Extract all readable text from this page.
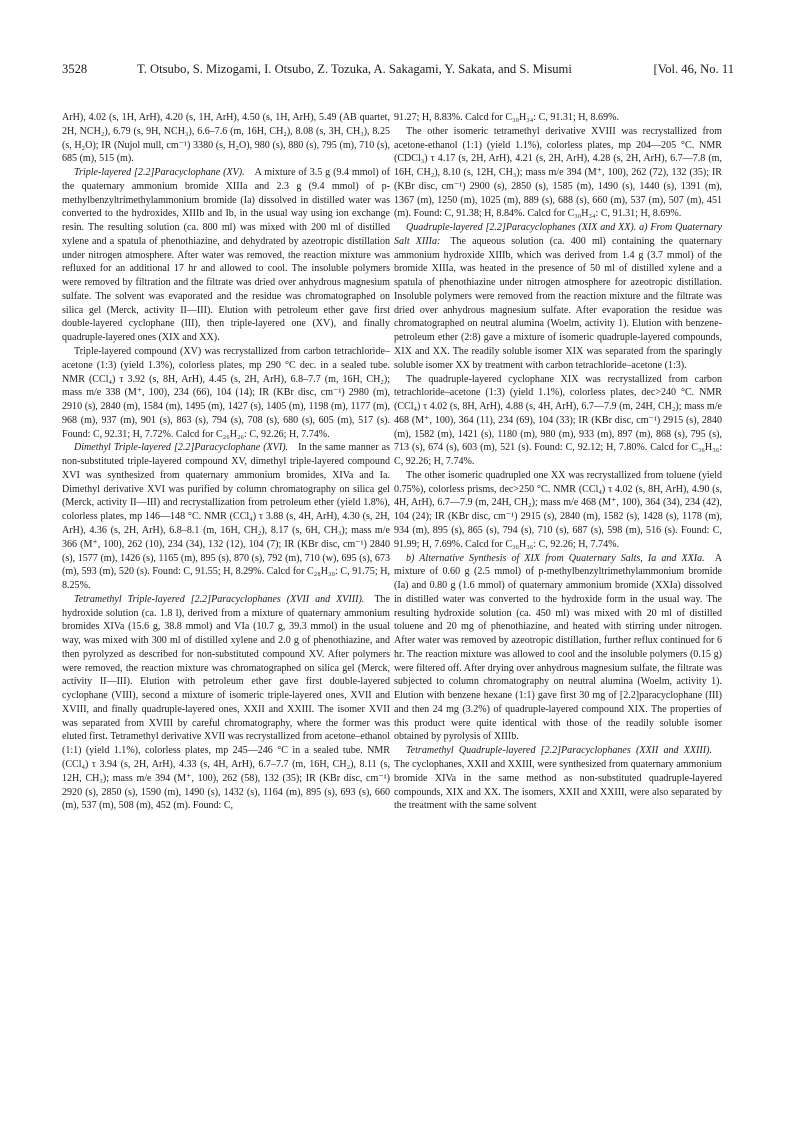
3528	T. Otsubo, S. Mizogami, I. Otsubo, Z. Tozuka, A. Sakagami, Y. Sakata, and S. Misumi	[Vol. 46, No. 11

ArH), 4.02 (s, 1H, ArH), 4.20 (s, 1H, ArH), 4.50 (s, 1H, ArH), 5.49 (AB quartet, 2H, NCH₂), 6.79 (s, 9H, NCH₃), 6.6–7.6 (m, 16H, CH₂), 8.08 (s, 3H, CH₃), 8.25 (s, H₂O); IR (Nujol mull, cm⁻¹) 3380 (s, H₂O), 980 (s), 880 (s), 795 (m), 710 (s), 685 (m), 515 (m).

Triple-layered [2.2]Paracyclophane (XV).  A mixture of 3.5 g (9.4 mmol) of the quaternary ammonium bromide XIIIa and 2.3 g (9.4 mmol) of p-methylbenzyltrimethylammonium bromide (Ia) dissolved in distilled water was converted to the hydroxides, XIIIb and Ib, in the usual way using ion exchange resin. The resulting solution (ca. 800 ml) was mixed with 200 ml of distilled xylene and a spatula of phenothiazine, and dehydrated by azeotropic distillation under nitrogen atmosphere. After water was removed, the reaction mixture was refluxed for an additional 17 hr and allowed to cool. The insoluble polymers were removed by filtration and the filtrate was dried over anhydrous magnesium sulfate. The solvent was evaporated and the residue was chromatographed on silica gel (Merck, activity II—III). Elution with petroleum ether gave first double-layered cyclophane (III), then triple-layered one (XV), and finally quadruple-layered ones (XIX and XX).

Triple-layered compound (XV) was recrystallized from carbon tetrachloride–acetone (1:3) (yield 1.3%), colorless plates, mp 290 °C dec. in a sealed tube. NMR (CCl₄) τ 3.92 (s, 8H, ArH), 4.45 (s, 2H, ArH), 6.8–7.7 (m, 16H, CH₂); mass m/e 338 (M⁺, 100), 234 (66), 104 (14); IR (KBr disc, cm⁻¹) 2980 (m), 2910 (s), 2840 (m), 1584 (m), 1495 (m), 1427 (s), 1405 (m), 1198 (m), 1177 (m), 968 (m), 937 (m), 901 (s), 863 (s), 794 (s), 708 (s), 680 (s), 605 (m), 517 (s). Found: C, 92.31; H, 7.72%. Calcd for C₂₆H₂₆: C, 92.26; H, 7.74%.

Dimethyl Triple-layered [2.2]Paracyclophane (XVI).  In the same manner as non-substituted triple-layered compound XV, dimethyl triple-layered compound XVI was synthesized from quaternary ammonium bromides, XIVa and Ia. Dimethyl derivative XVI was purified by column chromatography on silica gel (Merck, activity II—III) and recrystallization from petroleum ether (yield 1.8%), colorless plates, mp 146—148 °C. NMR (CCl₄) τ 3.88 (s, 4H, ArH), 4.30 (s, 2H, ArH), 4.36 (s, 2H, ArH), 6.8–8.1 (m, 16H, CH₂), 8.17 (s, 6H, CH₃); mass m/e 366 (M⁺, 100), 262 (10), 234 (34), 132 (12), 104 (7); IR (KBr disc, cm⁻¹) 2840 (s), 1577 (m), 1426 (s), 1165 (m), 895 (s), 870 (s), 792 (m), 710 (w), 695 (s), 673 (m), 593 (m), 520 (s). Found: C, 91.55; H, 8.29%. Calcd for C₂₈H₃₀: C, 91.75; H, 8.25%.

Tetramethyl Triple-layered [2.2]Paracyclophanes (XVII and XVIII).  The hydroxide solution (ca. 1.8 l), derived from a mixture of quaternary ammonium bromides XIVa (15.6 g, 38.8 mmol) and VIa (10.7 g, 39.3 mmol) in the usual way, was mixed with 300 ml of distilled xylene and 2.0 g of phenothiazine, and then pyrolyzed as described for non-substituted compound XV. After polymers were removed, the reaction mixture was chromatographed on silica gel (Merck, activity II—III). Elution with petroleum ether gave first double-layered cyclophane (VIII), second a mixture of isomeric triple-layered ones, XVII and XVIII, and finally quadruple-layered ones, XXII and XXIII. The isomer XVII was separated from XVIII by careful chromatography, where the former was eluted first. Tetramethyl derivative XVII was recrystallized from acetone–ethanol (1:1) (yield 1.1%), colorless plates, mp 245—246 °C in a sealed tube. NMR (CCl₄) τ 3.94 (s, 2H, ArH), 4.33 (s, 4H, ArH), 6.7–7.7 (m, 16H, CH₂), 8.11 (s, 12H, CH₃); mass m/e 394 (M⁺, 100), 262 (58), 132 (35); IR (KBr disc, cm⁻¹) 2920 (s), 2850 (s), 1590 (m), 1490 (s), 1432 (s), 1164 (m), 895 (s), 693 (s), 660 (m), 537 (m), 508 (m), 452 (m). Found: C,

91.27; H, 8.83%. Calcd for C₃₀H₃₄: C, 91.31; H, 8.69%.

The other isomeric tetramethyl derivative XVIII was recrystallized from acetone-ethanol (1:1) (yield 1.1%), colorless plates, mp 204—205 °C. NMR (CDCl₃) τ 4.17 (s, 2H, ArH), 4.21 (s, 2H, ArH), 4.28 (s, 2H, ArH), 6.7—7.8 (m, 16H, CH₂), 8.10 (s, 12H, CH₃); mass m/e 394 (M⁺, 100), 262 (72), 132 (35); IR (KBr disc, cm⁻¹) 2900 (s), 2850 (s), 1585 (m), 1490 (s), 1440 (s), 1391 (m), 1367 (m), 1250 (m), 1025 (m), 889 (s), 688 (s), 660 (m), 537 (m), 507 (m), 451 (m). Found: C, 91.38; H, 8.84%. Calcd for C₃₀H₃₄: C, 91.31; H, 8.69%.

Quadruple-layered [2.2]Paracyclophanes (XIX and XX). a) From Quaternary Salt XIIIa:  The aqueous solution (ca. 400 ml) containing the quaternary ammonium hydroxide XIIIb, which was derived from 1.4 g (3.7 mmol) of the bromide XIIIa, was heated in the presence of 50 ml of distilled xylene and a spatula of phenothiazine under nitrogen atmosphere for azeotropic distillation. Insoluble polymers were removed from the reaction mixture and the filtrate was dried over anhydrous magnesium sulfate. After evaporation the residue was chromatographed on neutral alumina (Woelm, activity 1). Elution with benzene-petroleum ether (2:8) gave a mixture of isomeric quadruple-layered compounds, XIX and XX. The readily soluble isomer XIX was separated from the sparingly soluble isomer XX by treatment with carbon tetrachloride–acetone (1:3).

The quadruple-layered cyclophane XIX was recrystallized from carbon tetrachloride–acetone (1:3) (yield 1.1%), colorless plates, dec>240 °C. NMR (CCl₄) τ 4.02 (s, 8H, ArH), 4.88 (s, 4H, ArH), 6.7—7.9 (m, 24H, CH₂); mass m/e 468 (M⁺, 100), 364 (11), 234 (69), 104 (33); IR (KBr disc, cm⁻¹) 2915 (s), 2840 (m), 1582 (m), 1421 (s), 1180 (m), 980 (m), 933 (m), 897 (m), 868 (s), 795 (s), 713 (s), 674 (s), 603 (m), 521 (s). Found: C, 92.12; H, 7.80%. Calcd for C₃₆H₃₆: C, 92.26; H, 7.74%.

The other isomeric quadrupled one XX was recrystallized from toluene (yield 0.75%), colorless prisms, dec>250 °C. NMR (CCl₄) τ 4.02 (s, 8H, ArH), 4.90 (s, 4H, ArH), 6.7—7.9 (m, 24H, CH₂); mass m/e 468 (M⁺, 100), 364 (34), 234 (42), 104 (24); IR (KBr disc, cm⁻¹) 2915 (s), 2840 (m), 1582 (s), 1428 (s), 1178 (m), 934 (m), 895 (s), 865 (s), 794 (s), 710 (s), 687 (s), 598 (m), 516 (s). Found: C, 91.99; H, 7.69%. Calcd for C₃₆H₃₆: C, 92.26; H, 7.74%.

b) Alternative Synthesis of XIX from Quaternary Salts, Ia and XXIa.  A mixture of 0.60 g (2.5 mmol) of p-methylbenzyltrimethylammonium bromide (Ia) and 0.80 g (1.6 mmol) of quaternary ammonium bromide (XXIa) dissolved in distilled water was converted to the hydroxide form in the usual way. The resulting hydroxide solution (ca. 450 ml) was mixed with 20 ml of distilled toluene and 20 mg of phenothiazine, and heated with stirring under nitrogen. After water was removed by azeotropic distillation, further reflux continued for 6 hr. The reaction mixture was allowed to cool and the insoluble polymers (0.15 g) were filtered off. After drying over anhydrous magnesium sulfate, the filtrate was subjected to column chromatography on neutral alumina (Woelm, activity 1). Elution with benzene hexane (1:1) gave first 30 mg of [2.2]paracyclophane (III) and then 24 mg (3.2%) of quadruple-layered compound XIX. The properties of this product were quite identical with those of the readily soluble isomer obtained by pyrolysis of XIIIb.

Tetramethyl Quadruple-layered [2.2]Paracyclophanes (XXII and XXIII). The cyclophanes, XXII and XXIII, were synthesized from quaternary ammonium bromide XIVa in the same method as non-substituted quadruple-layered compounds, XIX and XX. The isomers, XXII and XXIII, were also separated by the treatment with the same solvent
